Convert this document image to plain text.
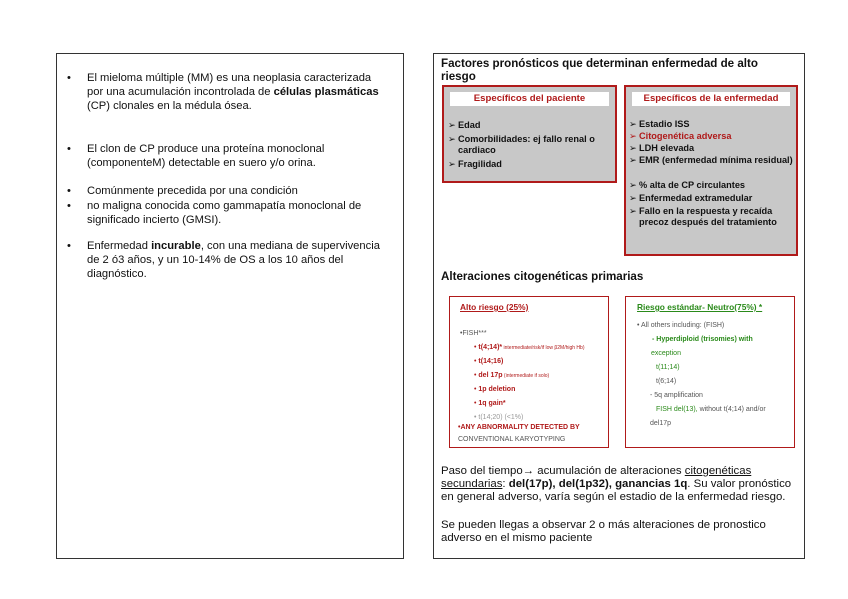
• El mieloma múltiple (MM) es una neoplasia caracterizada por una acumulación incontrolada de células plasmáticas (CP) clonales en la médula ósea.
• El clon de CP produce una proteína monoclonal (componenteM) detectable en suero y/o orina.
• Comúnmente precedida por una condición
• no maligna conocida como gammapatía monoclonal de significado incierto (GMSI).
• Enfermedad incurable, con una mediana de supervivencia de 2 ó3 años, y un 10-14% de OS a los 10 años del diagnóstico.
Factores pronósticos que determinan enfermedad de alto riesgo
Específicos del paciente
➢ Edad
➢ Comorbilidades: ej fallo renal o cardiaco
➢ Fragilidad
Específicos de la enfermedad
➢ Estadio ISS
➢ Citogenética adversa
➢ LDH elevada
➢ EMR (enfermedad mínima residual)
➢ % alta de CP circulantes
➢ Enfermedad extramedular
➢ Fallo en la respuesta y recaída precoz después del tratamiento
Alteraciones citogenéticas primarias
Alto riesgo (25%)
•FISH***
• t(4;14)* intermediate/risk/if low β2M/high Hb)
• t(14;16)
• del 17p (intermediate if solo)
• 1p deletion
• 1q gain*
• t(14;20) (<1%)
•ANY ABNORMALITY DETECTED BY
CONVENTIONAL KARYOTYPING
Riesgo estándar- Neutro(75%) *
• All others including: (FISH)
- Hyperdiploid (trisomies) with
exception
t(11;14)
t(6;14)
- 5q amplification
FISH del(13), without t(4;14) and/or
del17p
Paso del tiempo→ acumulación de alteraciones citogenéticas secundarias: del(17p), del(1p32), ganancias 1q. Su valor pronóstico en general adverso, varía según el estadio de la enfermedad riesgo.
Se pueden llegas a observar 2 o más alteraciones de pronostico adverso en el mismo paciente
